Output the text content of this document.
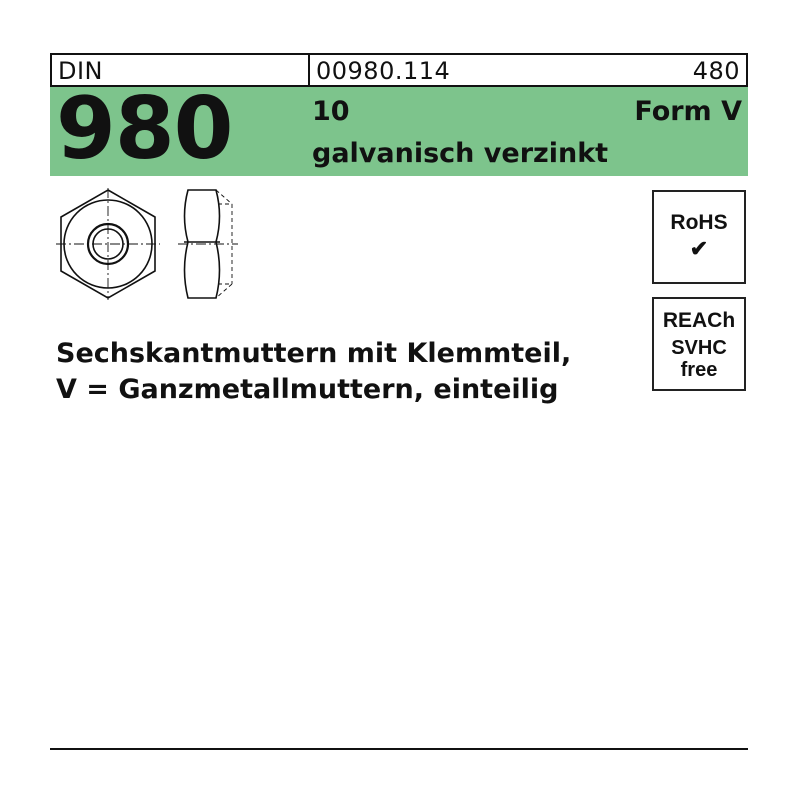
DIN	00980.114	480
980	10	Form V
galvanisch verzinkt
RoHS
✔
REACh
SVHC
free
Sechskantmuttern mit Klemmteil,
V = Ganzmetallmuttern, einteilig
